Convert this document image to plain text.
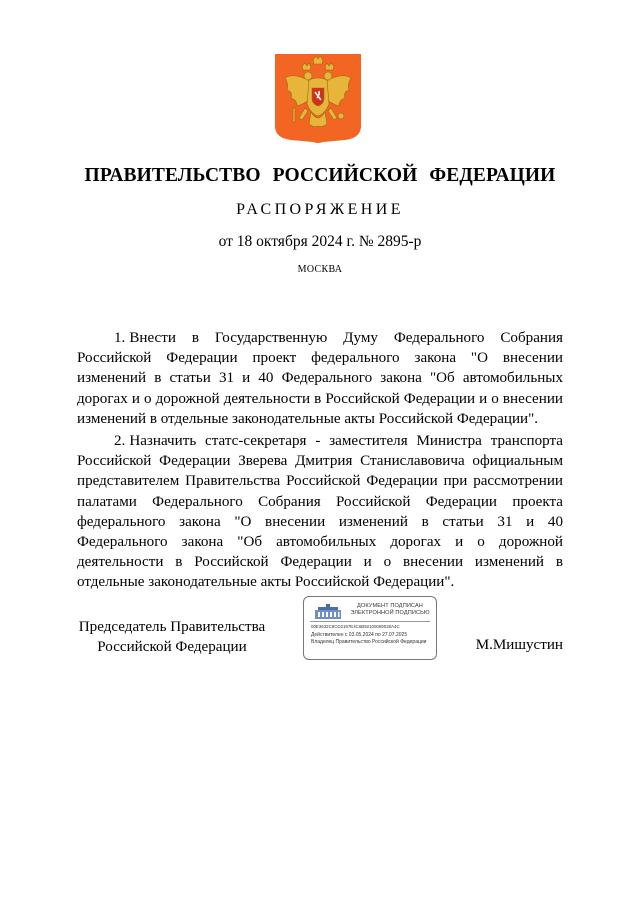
ПРАВИТЕЛЬСТВО РОССИЙСКОЙ ФЕДЕРАЦИИ
РАСПОРЯЖЕНИЕ
от 18 октября 2024 г. № 2895-р
МОСКВА

1. Внести в Государственную Думу Федерального Собрания Российской Федерации проект федерального закона "О внесении изменений в статьи 31 и 40 Федерального закона "Об автомобильных дорогах и о дорожной деятельности в Российской Федерации и о внесении изменений в отдельные законодательные акты Российской Федерации".

2. Назначить статс-секретаря - заместителя Министра транспорта Российской Федерации Зверева Дмитрия Станиславовича официальным представителем Правительства Российской Федерации при рассмотрении палатами Федерального Собрания Российской Федерации проекта федерального закона "О внесении изменений в статьи 31 и 40 Федерального закона "Об автомобильных дорогах и о дорожной деятельности в Российской Федерации и о внесении изменений в отдельные законодательные акты Российской Федерации".

Председатель Правительства
Российской Федерации
ДОКУМЕНТ ПОДПИСАН
ЭЛЕКТРОННОЙ ПОДПИСЬЮ
00E3632C8CD2197E4C6B92100069028A4C
Действителен с 03.05.2024 по 27.07.2025
Владелец Правительство Российской Федерации	М.Мишустин
